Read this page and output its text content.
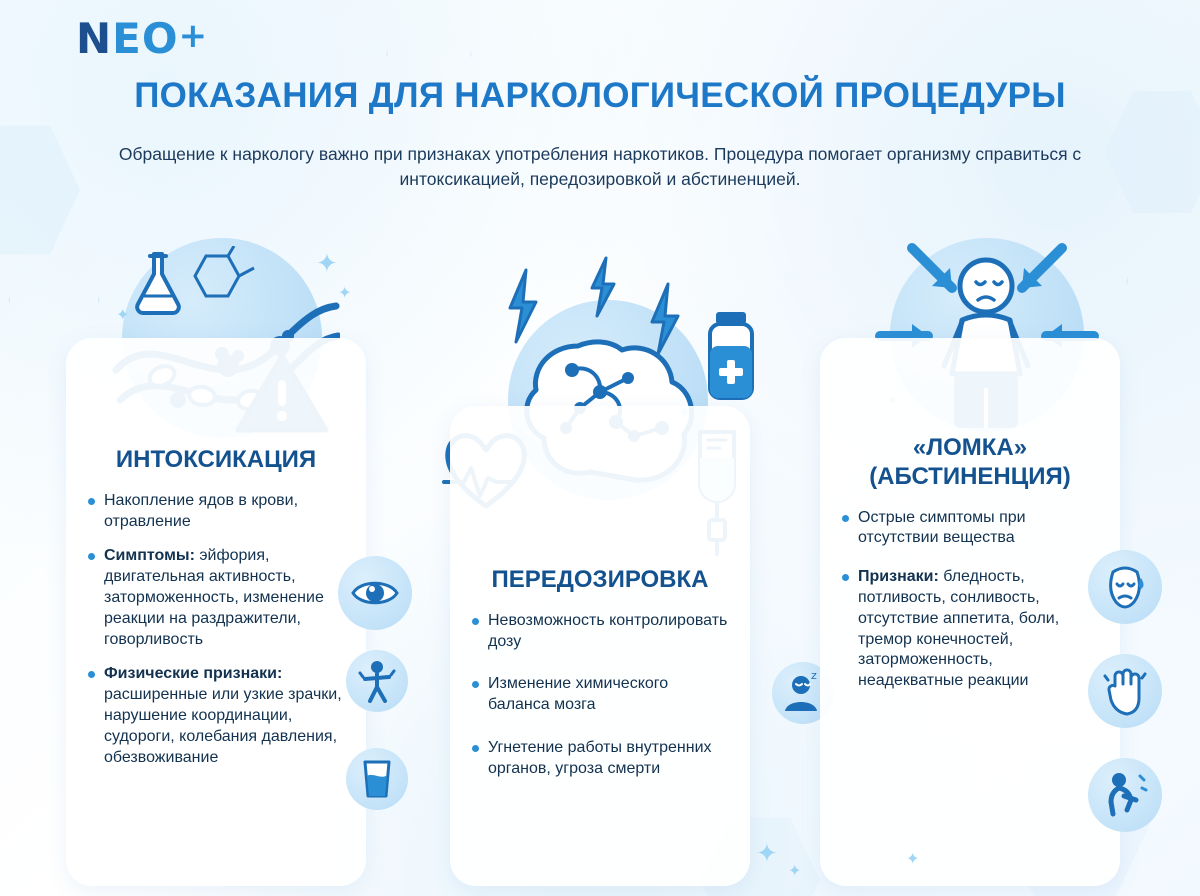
NEO+
ПОКАЗАНИЯ ДЛЯ НАРКОЛОГИЧЕСКОЙ ПРОЦЕДУРЫ

Обращение к наркологу важно при признаках употребления наркотиков. Процедура помогает организму справиться с интоксикацией, передозировкой и абстиненцией.

✦
✦
✦
ИНТОКСИКАЦИЯ
Накопление ядов в крови, отравление
Симптомы: эйфория, двигательная активность, заторможенность, изменение реакции на раздражители, говорливость
Физические признаки: расширенные или узкие зрачки, нарушение координации, судороги, колебания давления, обезвоживание
ПЕРЕДОЗИРОВКА
Невозможность контролировать дозу
Изменение химического баланса мозга
Угнетение работы внутренних органов, угроза смерти
z
«ЛОМКА» (АБСТИНЕНЦИЯ)
Острые симптомы при отсутствии вещества
Признаки: бледность, потливость, сонливость, отсутствие аппетита, боли, тремор конечностей, заторможенность, неадекватные реакции
✦	✦
✦
